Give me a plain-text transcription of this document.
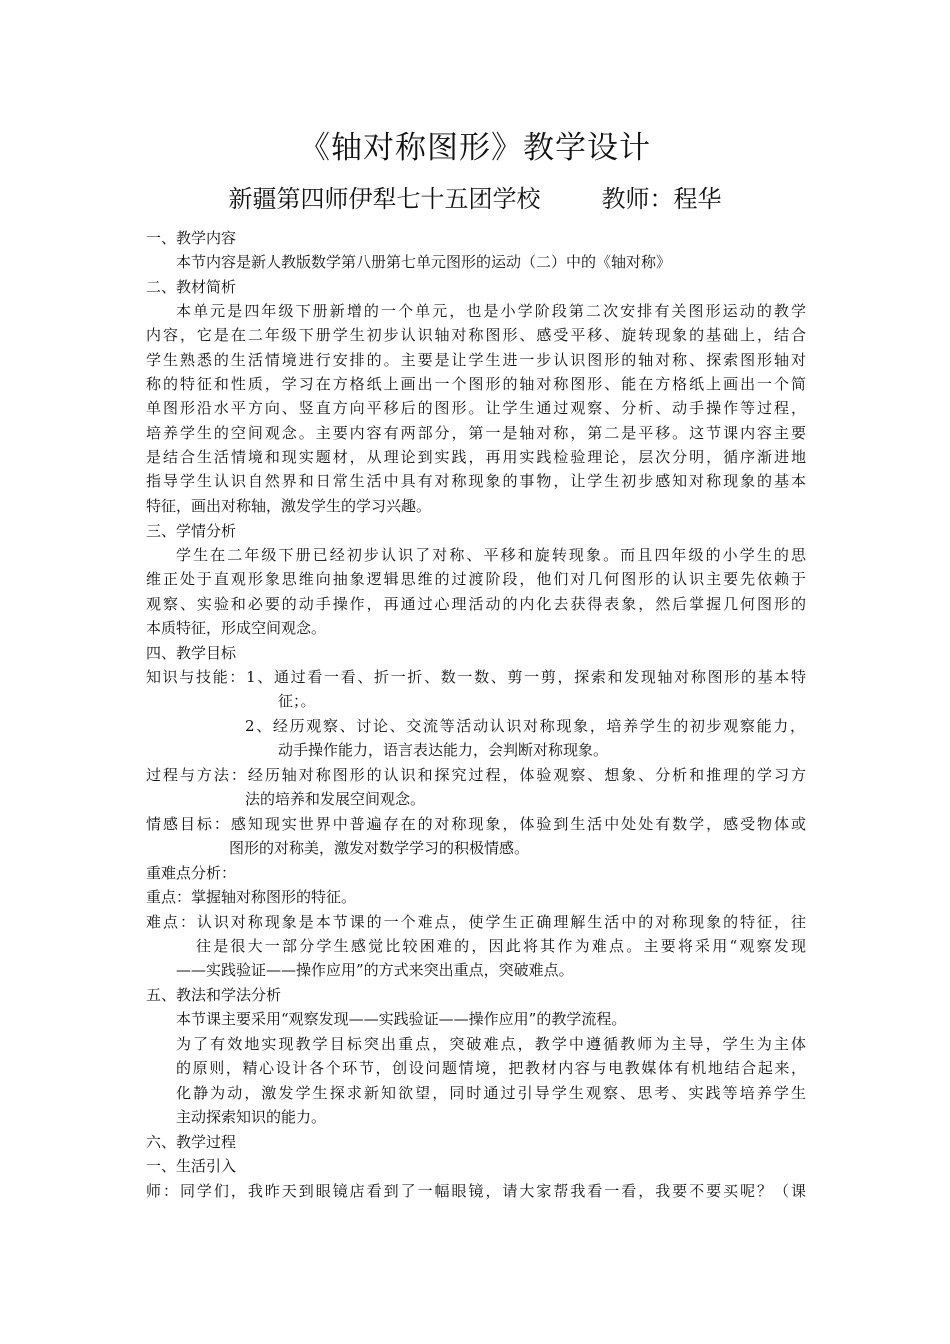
《轴对称图形》教学设计
新疆第四师伊犁七十五团学校        教师：程华
一、教学内容
本节内容是新人教版数学第八册第七单元图形的运动（二）中的《轴对称》
二、教材简析
本单元是四年级下册新增的一个单元，也是小学阶段第二次安排有关图形运动的教学
内容，它是在二年级下册学生初步认识轴对称图形、感受平移、旋转现象的基础上，结合
学生熟悉的生活情境进行安排的。主要是让学生进一步认识图形的轴对称、探索图形轴对
称的特征和性质，学习在方格纸上画出一个图形的轴对称图形、能在方格纸上画出一个简
单图形沿水平方向、竖直方向平移后的图形。让学生通过观察、分析、动手操作等过程，
培养学生的空间观念。主要内容有两部分，第一是轴对称，第二是平移。这节课内容主要
是结合生活情境和现实题材，从理论到实践，再用实践检验理论，层次分明，循序渐进地
指导学生认识自然界和日常生活中具有对称现象的事物，让学生初步感知对称现象的基本
特征，画出对称轴，激发学生的学习兴趣。
三、学情分析
学生在二年级下册已经初步认识了对称、平移和旋转现象。而且四年级的小学生的思
维正处于直观形象思维向抽象逻辑思维的过渡阶段，他们对几何图形的认识主要先依赖于
观察、实验和必要的动手操作，再通过心理活动的内化去获得表象，然后掌握几何图形的
本质特征，形成空间观念。
四、教学目标
知识与技能：1、通过看一看、折一折、数一数、剪一剪，探索和发现轴对称图形的基本特
征；。
2、经历观察、讨论、交流等活动认识对称现象，培养学生的初步观察能力，
动手操作能力，语言表达能力，会判断对称现象。
过程与方法：经历轴对称图形的认识和探究过程，体验观察、想象、分析和推理的学习方
法的培养和发展空间观念。
情感目标：感知现实世界中普遍存在的对称现象，体验到生活中处处有数学，感受物体或
图形的对称美，激发对数学学习的积极情感。
重难点分析：
重点：掌握轴对称图形的特征。
难点：认识对称现象是本节课的一个难点，使学生正确理解生活中的对称现象的特征，往
往是很大一部分学生感觉比较困难的，因此将其作为难点。主要将采用“观察发现
——实践验证——操作应用”的方式来突出重点，突破难点。
五、教法和学法分析
本节课主要采用“观察发现——实践验证——操作应用”的教学流程。
为了有效地实现教学目标突出重点，突破难点，教学中遵循教师为主导，学生为主体
的原则，精心设计各个环节，创设问题情境，把教材内容与电教媒体有机地结合起来，
化静为动，激发学生探求新知欲望，同时通过引导学生观察、思考、实践等培养学生
主动探索知识的能力。
六、教学过程
一、生活引入
师：同学们，我昨天到眼镜店看到了一幅眼镜，请大家帮我看一看，我要不要买呢？（课
